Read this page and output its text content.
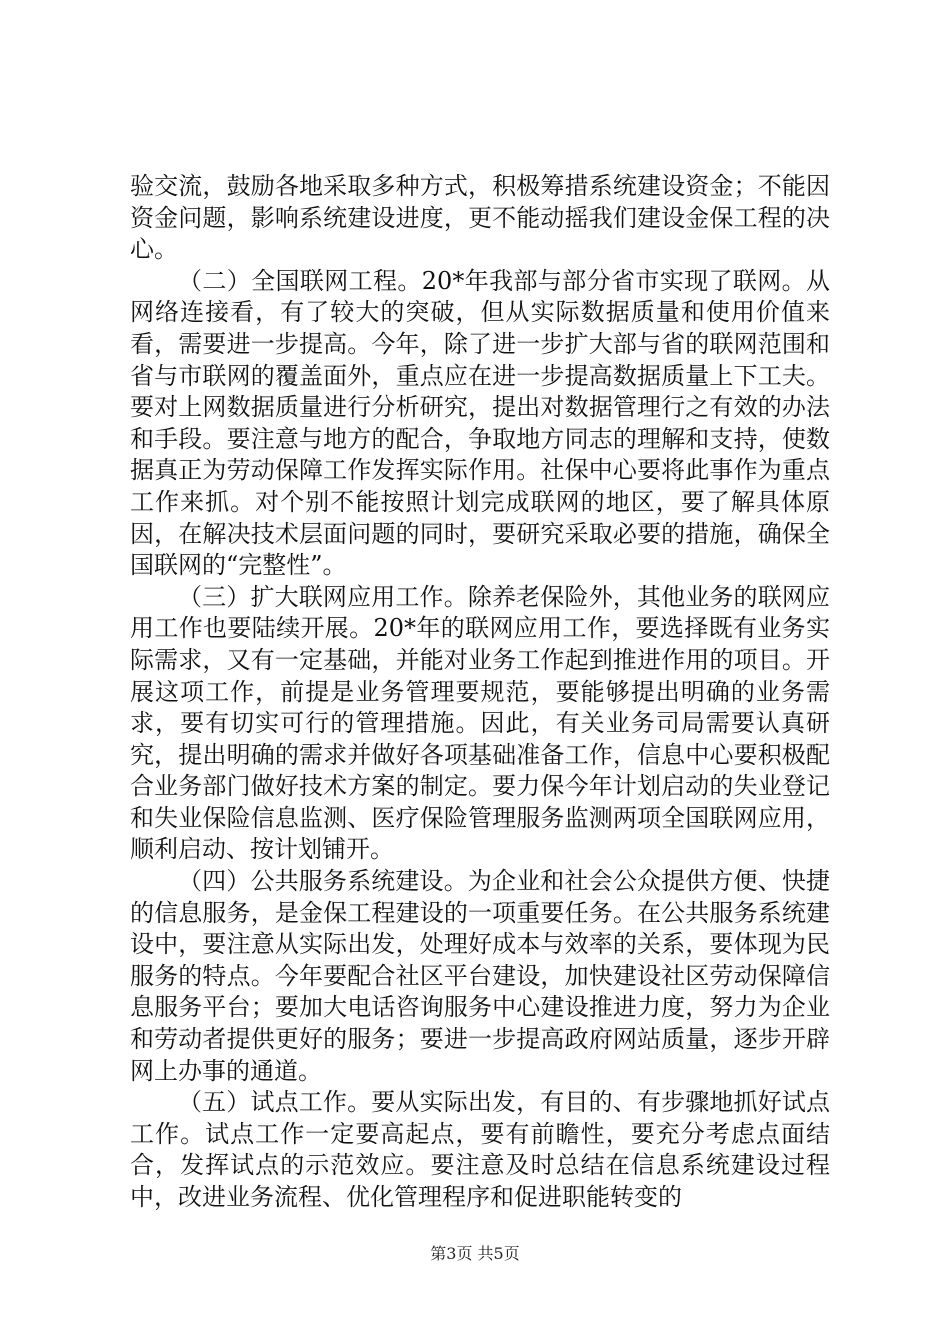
验交流，鼓励各地采取多种方式，积极筹措系统建设资金；不能因资金问题，影响系统建设进度，更不能动摇我们建设金保工程的决心。

（二）全国联网工程。20*年我部与部分省市实现了联网。从网络连接看，有了较大的突破，但从实际数据质量和使用价值来看，需要进一步提高。今年，除了进一步扩大部与省的联网范围和省与市联网的覆盖面外，重点应在进一步提高数据质量上下工夫。要对上网数据质量进行分析研究，提出对数据管理行之有效的办法和手段。要注意与地方的配合，争取地方同志的理解和支持，使数据真正为劳动保障工作发挥实际作用。社保中心要将此事作为重点工作来抓。对个别不能按照计划完成联网的地区，要了解具体原因，在解决技术层面问题的同时，要研究采取必要的措施，确保全国联网的“完整性”。

（三）扩大联网应用工作。除养老保险外，其他业务的联网应用工作也要陆续开展。20*年的联网应用工作，要选择既有业务实际需求，又有一定基础，并能对业务工作起到推进作用的项目。开展这项工作，前提是业务管理要规范，要能够提出明确的业务需求，要有切实可行的管理措施。因此，有关业务司局需要认真研究，提出明确的需求并做好各项基础准备工作，信息中心要积极配合业务部门做好技术方案的制定。要力保今年计划启动的失业登记和失业保险信息监测、医疗保险管理服务监测两项全国联网应用，顺利启动、按计划铺开。

（四）公共服务系统建设。为企业和社会公众提供方便、快捷的信息服务，是金保工程建设的一项重要任务。在公共服务系统建设中，要注意从实际出发，处理好成本与效率的关系，要体现为民服务的特点。今年要配合社区平台建设，加快建设社区劳动保障信息服务平台；要加大电话咨询服务中心建设推进力度，努力为企业和劳动者提供更好的服务；要进一步提高政府网站质量，逐步开辟网上办事的通道。

（五）试点工作。要从实际出发，有目的、有步骤地抓好试点工作。试点工作一定要高起点，要有前瞻性，要充分考虑点面结合，发挥试点的示范效应。要注意及时总结在信息系统建设过程中，改进业务流程、优化管理程序和促进职能转变的

第3页 共5页
